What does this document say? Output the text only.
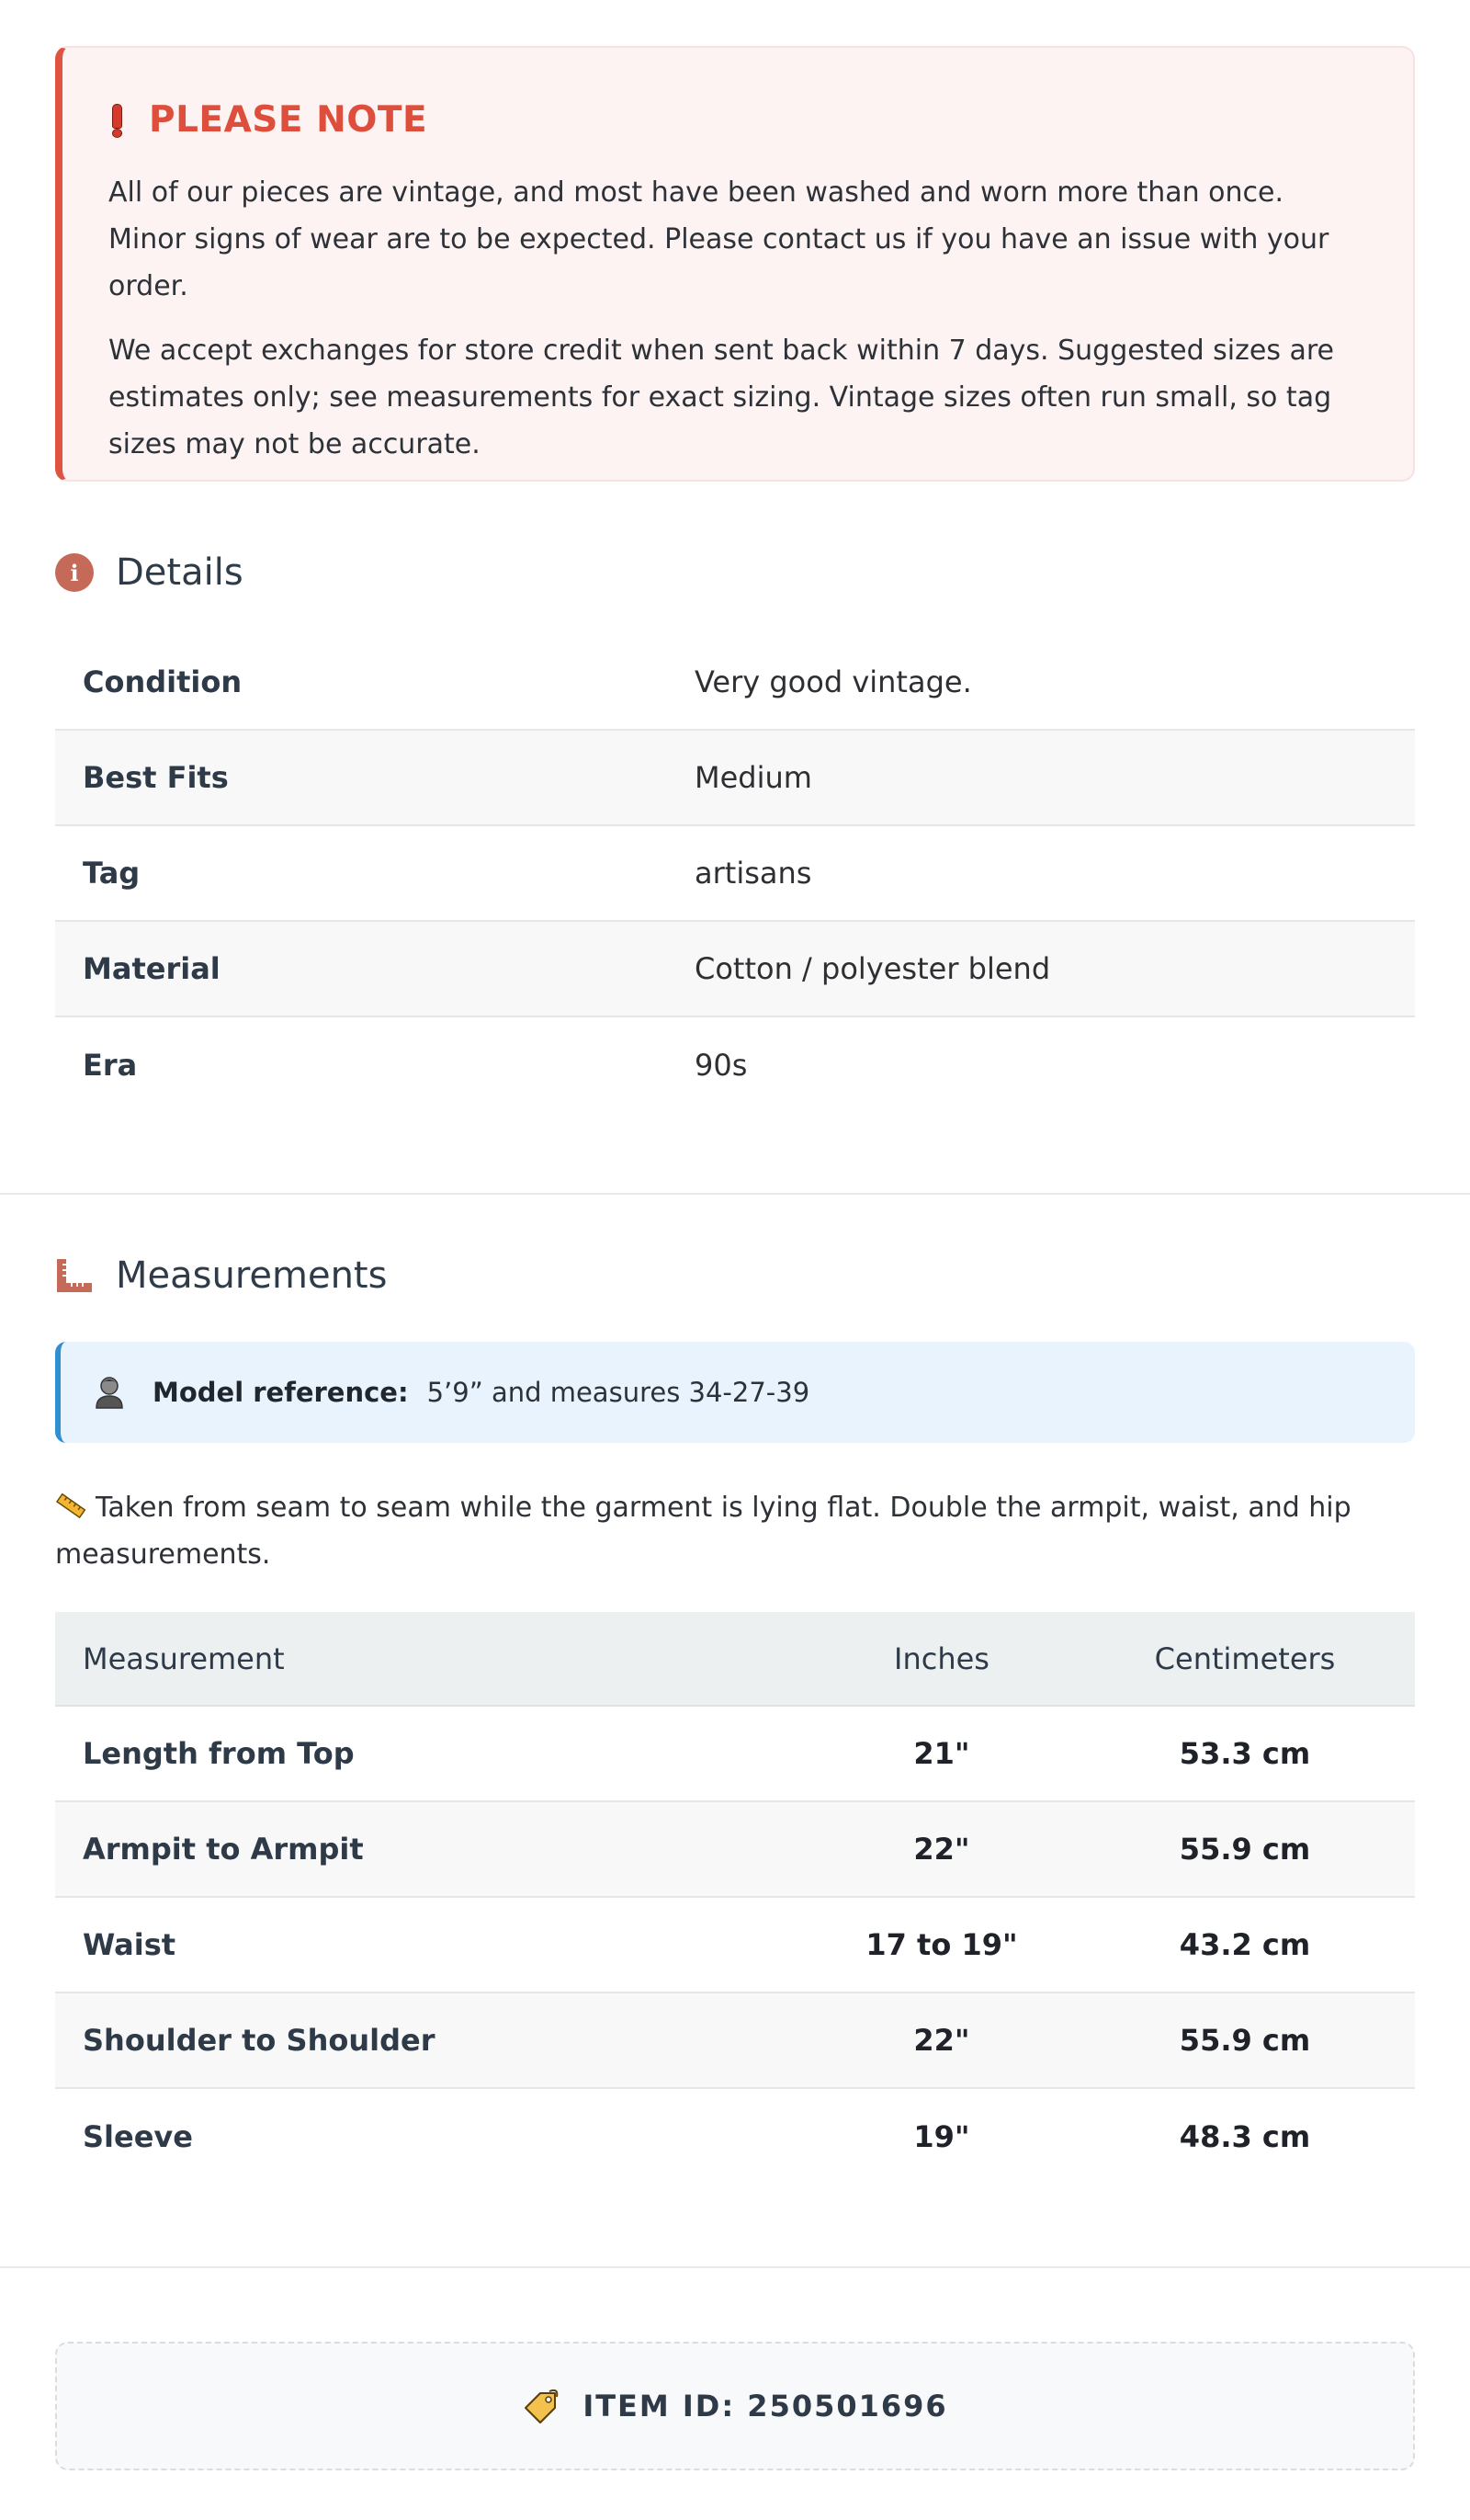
PLEASE NOTE

All of our pieces are vintage, and most have been washed and worn more than once. Minor signs of wear are to be expected. Please contact us if you have an issue with your order.

We accept exchanges for store credit when sent back within 7 days. Suggested sizes are estimates only; see measurements for exact sizing. Vintage sizes often run small, so tag sizes may not be accurate.

i	Details
Condition	Very good vintage.
Best Fits	Medium
Tag	artisans
Material	Cotton / polyester blend
Era	90s
Measurements
Model reference: 5’9” and measures 34-27-39
Taken from seam to seam while the garment is lying flat. Double the armpit, waist, and hip measurements.
Measurement	Inches	Centimeters
Length from Top	21"	53.3 cm
Armpit to Armpit	22"	55.9 cm
Waist	17 to 19"	43.2 cm
Shoulder to Shoulder	22"	55.9 cm
Sleeve	19"	48.3 cm
ITEM ID: 250501696
